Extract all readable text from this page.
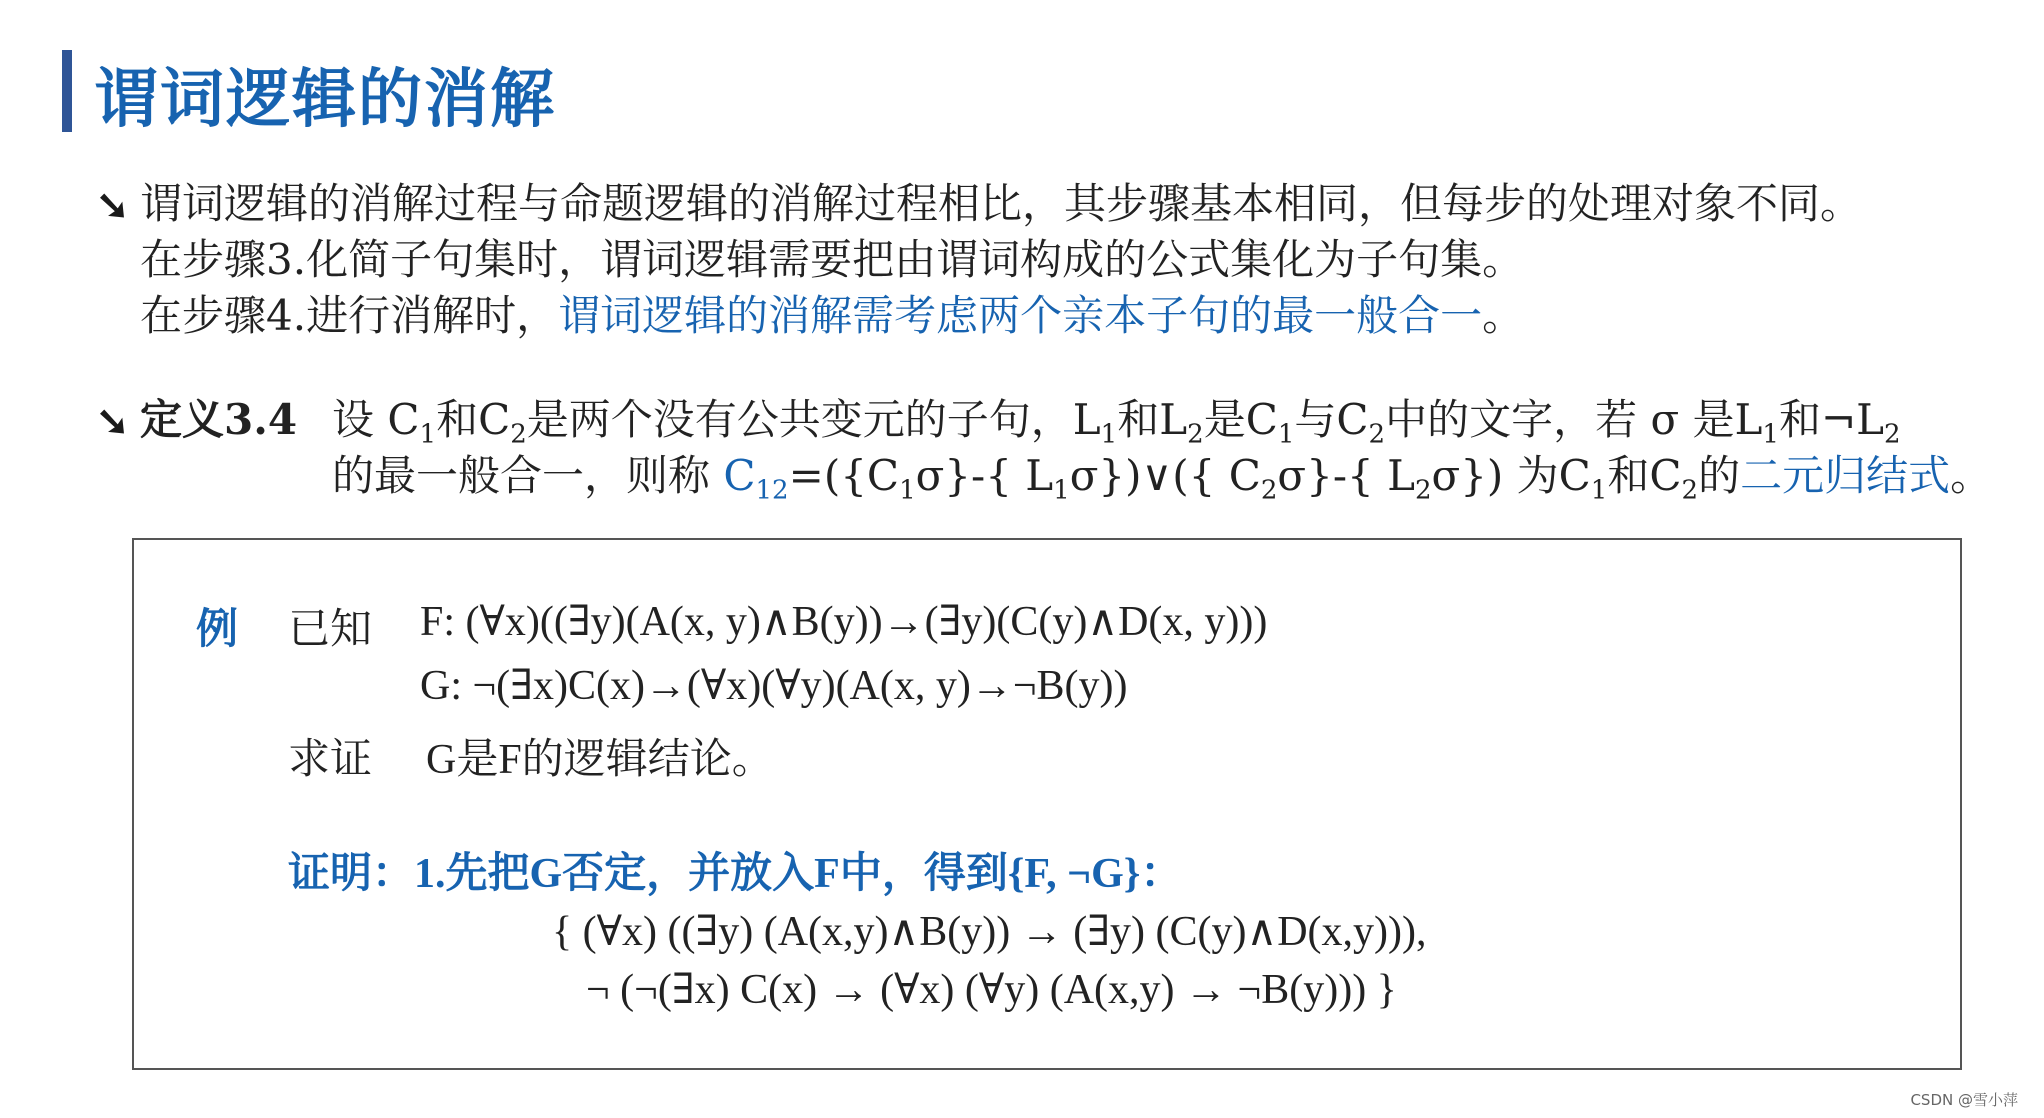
谓词逻辑的消解
➘ 谓词逻辑的消解过程与命题逻辑的消解过程相比，其步骤基本相同，但每步的处理对象不同。
在步骤3.化简子句集时，谓词逻辑需要把由谓词构成的公式集化为子句集。
在步骤4.进行消解时，谓词逻辑的消解需考虑两个亲本子句的最一般合一。
➘ 定义3.4 设 $C_1$和$C_2$是两个没有公共变元的子句，$L_1$和$L_2$是$C_1$与$C_2$中的文字，若 σ 是$L_1$和$\neg L_2$
的最一般合一，则称 $C_{12}=(\{C_1\sigma\}-${ $L_1\sigma\})\vee$({ $C_2\sigma\}-${ $L_2\sigma$}) 为$C_1$和$C_2$的二元归结式。
例 已知 F: (∀x)((∃y)(A(x, y)∧B(y))→(∃y)(C(y)∧D(x, y)))
G: ¬(∃x)C(x)→(∀x)(∀y)(A(x, y)→¬B(y))
求证 G是F的逻辑结论。
证明：1.先把G否定，并放入F中，得到{F, ¬G}：
{ (∀x) ((∃y) (A(x,y)∧B(y)) → (∃y) (C(y)∧D(x,y))),
¬ (¬(∃x) C(x) → (∀x) (∀y) (A(x,y) → ¬B(y))) }
CSDN @雪小萍
